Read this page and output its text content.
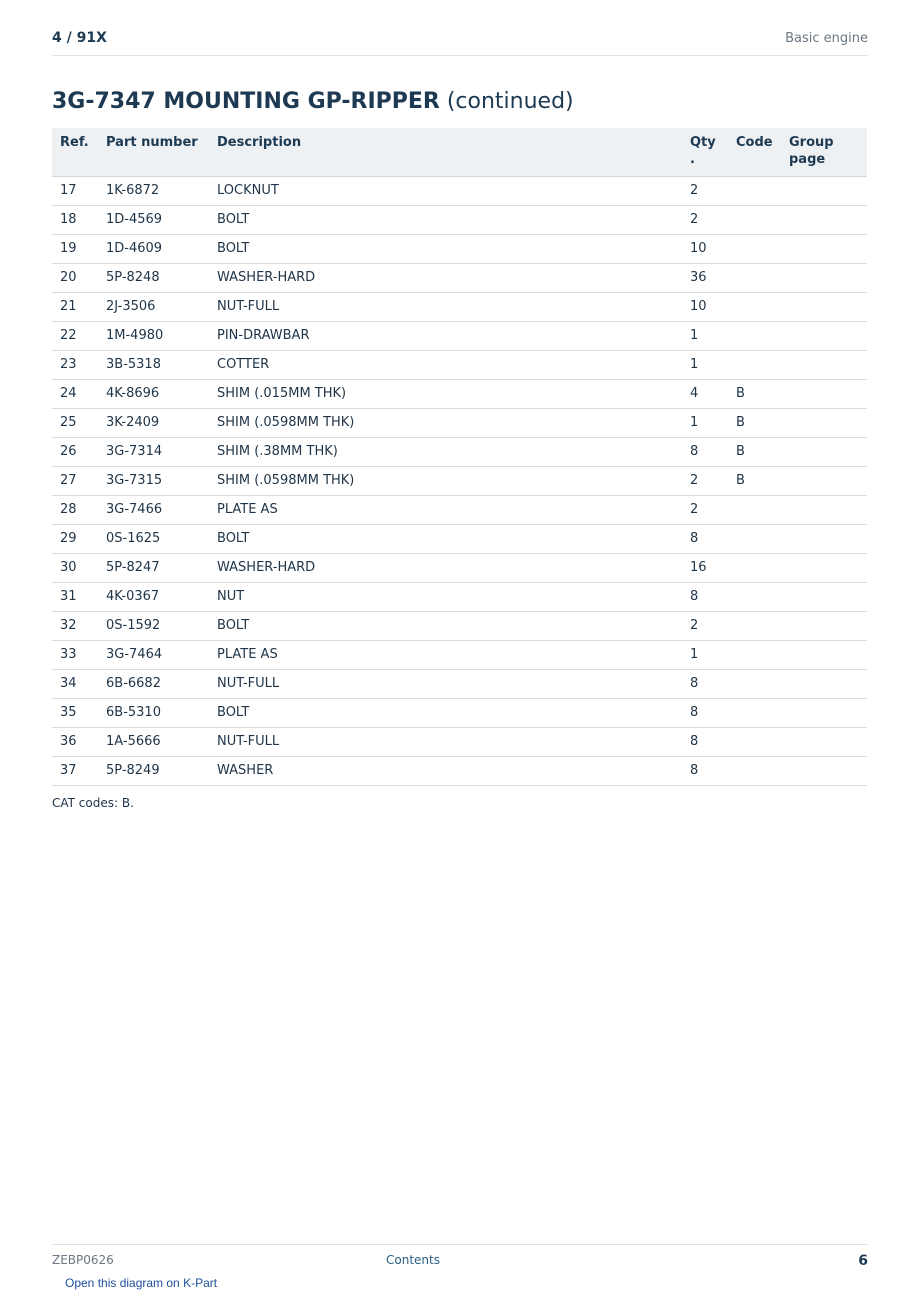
4 / 91X	Basic engine
3G-7347 MOUNTING GP-RIPPER (continued)
Ref.	Part number	Description	Qty .	Code	Group page
17	1K-6872	LOCKNUT	2		
18	1D-4569	BOLT	2		
19	1D-4609	BOLT	10		
20	5P-8248	WASHER-HARD	36		
21	2J-3506	NUT-FULL	10		
22	1M-4980	PIN-DRAWBAR	1		
23	3B-5318	COTTER	1		
24	4K-8696	SHIM (.015MM THK)	4	B	
25	3K-2409	SHIM (.0598MM THK)	1	B	
26	3G-7314	SHIM (.38MM THK)	8	B	
27	3G-7315	SHIM (.0598MM THK)	2	B	
28	3G-7466	PLATE AS	2		
29	0S-1625	BOLT	8		
30	5P-8247	WASHER-HARD	16		
31	4K-0367	NUT	8		
32	0S-1592	BOLT	2		
33	3G-7464	PLATE AS	1		
34	6B-6682	NUT-FULL	8		
35	6B-5310	BOLT	8		
36	1A-5666	NUT-FULL	8		
37	5P-8249	WASHER	8		
CAT codes: B.
ZEBP0626	Contents	6
Open this diagram on K-Part
